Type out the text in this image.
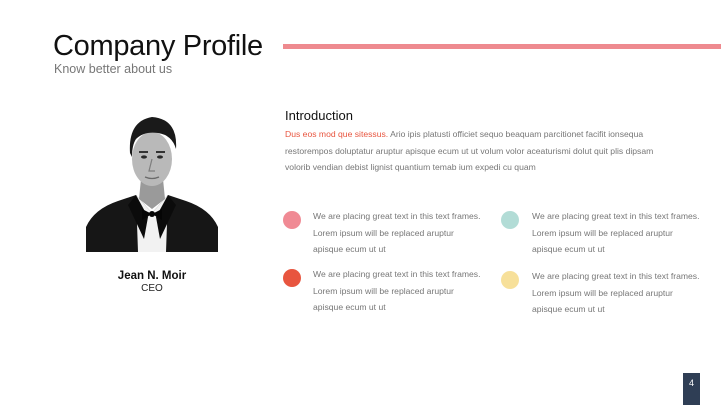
Company Profile
Know better about us
Jean N. Moir
CEO
Introduction
Dus eos mod que sitessus. Ario ipis platusti officiet sequo beaquam parcitionet facifit ionsequa restorempos doluptatur aruptur apisque ecum ut ut volum volor aceaturismi dolut quit plis dipsam volorib vendian debist lignist quantium temab ium expedi cu quam
We are placing great text in this text frames. Lorem ipsum will be replaced aruptur apisque ecum ut ut
We are placing great text in this text frames. Lorem ipsum will be replaced aruptur apisque ecum ut ut
We are placing great text in this text frames. Lorem ipsum will be replaced aruptur apisque ecum ut ut
We are placing great text in this text frames. Lorem ipsum will be replaced aruptur apisque ecum ut ut
4
